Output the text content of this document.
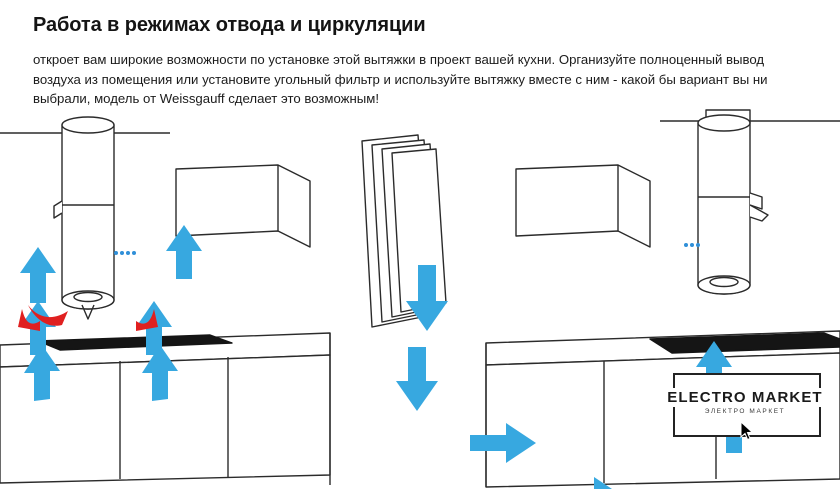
Работа в режимах отвода и циркуляции
откроет вам широкие возможности по установке этой вытяжки в проект вашей кухни. Организуйте полноценный вывод воздуха из помещения или установите угольный фильтр и используйте вытяжку вместе с ним - какой бы вариант вы ни выбрали, модель от Weissgauff сделает это возможным!
ELECTRO MARKET
ЭЛЕКТРО МАРКЕТ
